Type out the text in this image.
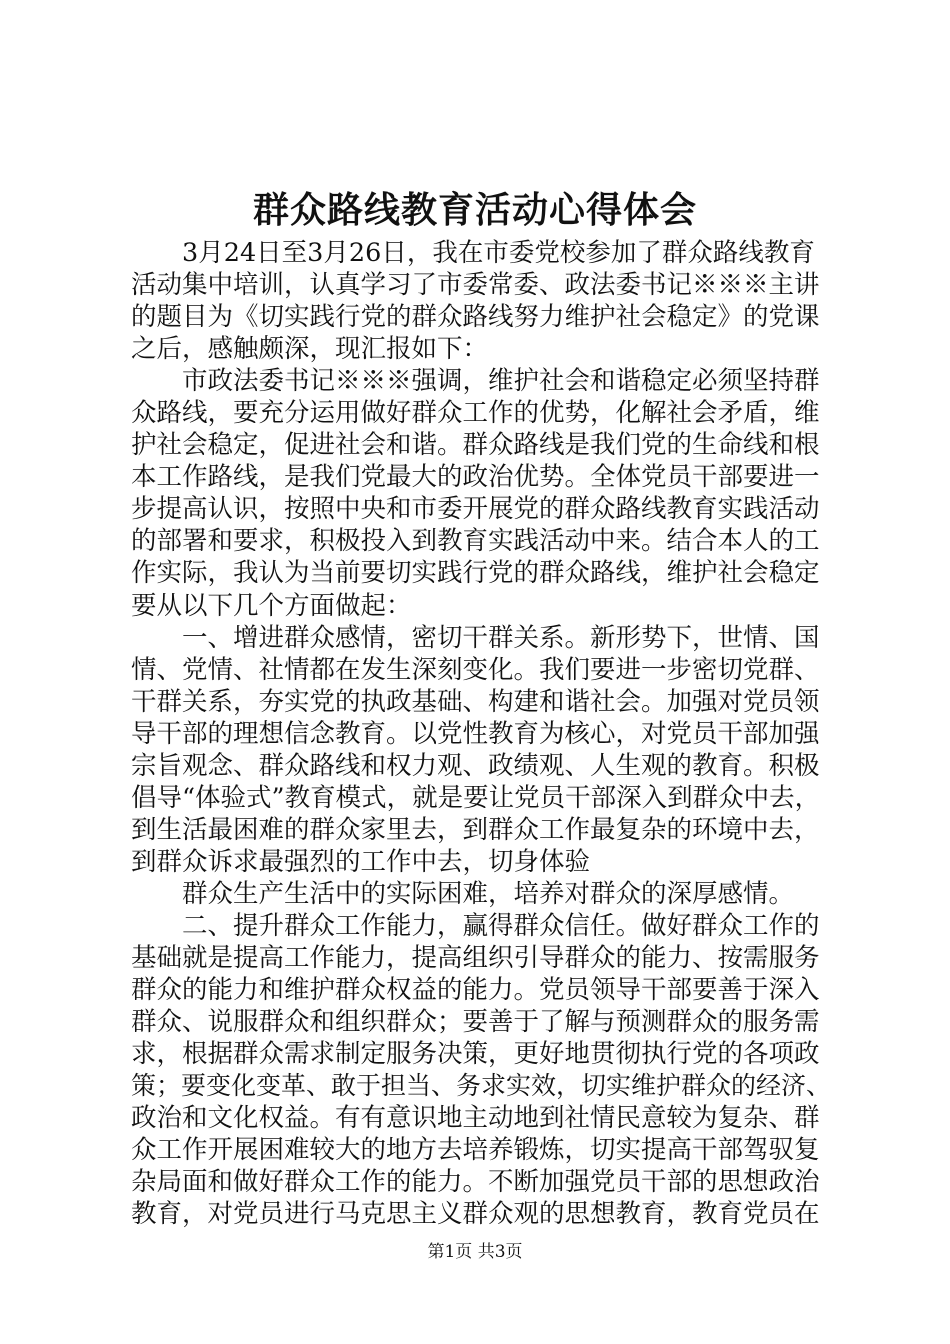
群众路线教育活动心得体会
　　3月24日至3月26日，我在市委党校参加了群众路线教育
活动集中培训，认真学习了市委常委、政法委书记※※※主讲
的题目为《切实践行党的群众路线努力维护社会稳定》的党课
之后，感触颇深，现汇报如下：
　　市政法委书记※※※强调，维护社会和谐稳定必须坚持群
众路线，要充分运用做好群众工作的优势，化解社会矛盾，维
护社会稳定，促进社会和谐。群众路线是我们党的生命线和根
本工作路线，是我们党最大的政治优势。全体党员干部要进一
步提高认识，按照中央和市委开展党的群众路线教育实践活动
的部署和要求，积极投入到教育实践活动中来。结合本人的工
作实际，我认为当前要切实践行党的群众路线，维护社会稳定
要从以下几个方面做起：
　　一、增进群众感情，密切干群关系。新形势下，世情、国
情、党情、社情都在发生深刻变化。我们要进一步密切党群、
干群关系，夯实党的执政基础、构建和谐社会。加强对党员领
导干部的理想信念教育。以党性教育为核心，对党员干部加强
宗旨观念、群众路线和权力观、政绩观、人生观的教育。积极
倡导“体验式”教育模式，就是要让党员干部深入到群众中去，
到生活最困难的群众家里去，到群众工作最复杂的环境中去，
到群众诉求最强烈的工作中去，切身体验
　　群众生产生活中的实际困难，培养对群众的深厚感情。
　　二、提升群众工作能力，赢得群众信任。做好群众工作的
基础就是提高工作能力，提高组织引导群众的能力、按需服务
群众的能力和维护群众权益的能力。党员领导干部要善于深入
群众、说服群众和组织群众；要善于了解与预测群众的服务需
求，根据群众需求制定服务决策，更好地贯彻执行党的各项政
策；要变化变革、敢于担当、务求实效，切实维护群众的经济、
政治和文化权益。有有意识地主动地到社情民意较为复杂、群
众工作开展困难较大的地方去培养锻炼，切实提高干部驾驭复
杂局面和做好群众工作的能力。不断加强党员干部的思想政治
教育，对党员进行马克思主义群众观的思想教育，教育党员在
第1页 共3页
